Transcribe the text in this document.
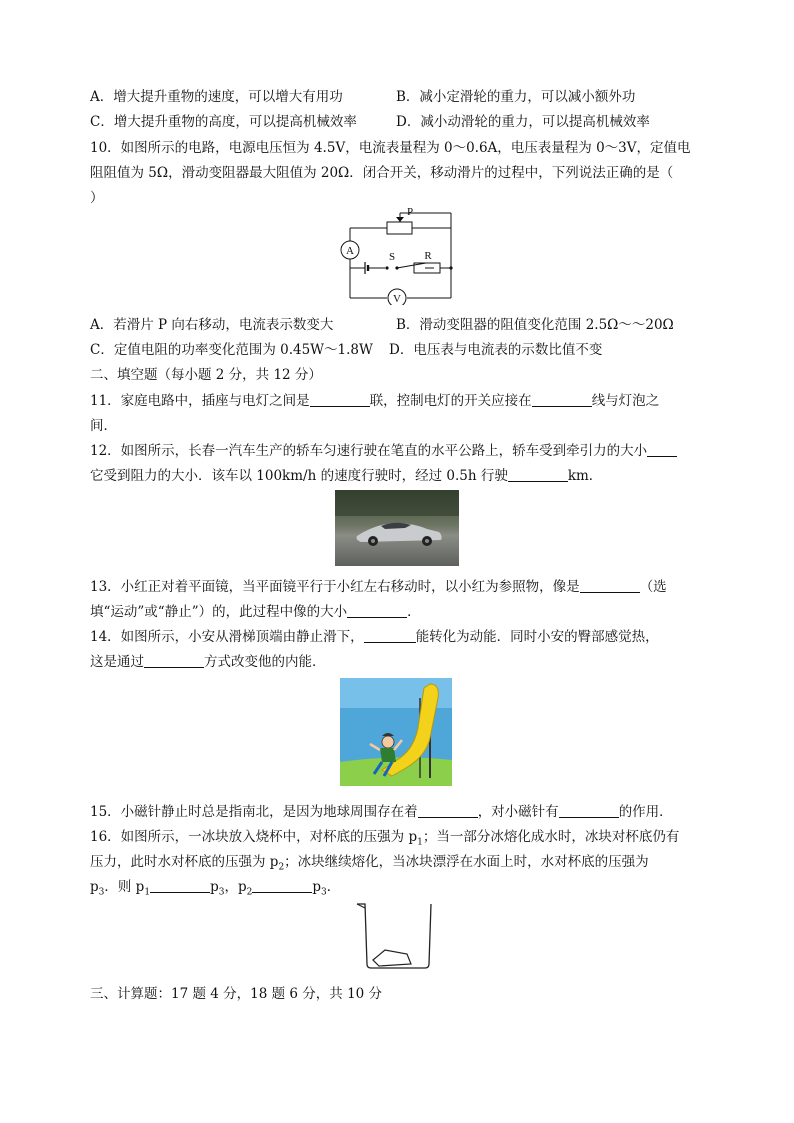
A．增大提升重物的速度，可以增大有用功	B．减小定滑轮的重力，可以减小额外功
C．增大提升重物的高度，可以提高机械效率	D．减小动滑轮的重力，可以提高机械效率
10．如图所示的电路，电源电压恒为 4.5V，电流表量程为 0～0.6A，电压表量程为 0～3V，定值电
阻阻值为 5Ω，滑动变阻器最大阻值为 20Ω．闭合开关，移动滑片的过程中，下列说法正确的是（
）
A
V
P
S	R
A．若滑片 P 向右移动，电流表示数变大	B．滑动变阻器的阻值变化范围 2.5Ω～～20Ω
C．定值电阻的功率变化范围为 0.45W～1.8W D．电压表与电流表的示数比值不变
二、填空题（每小题 2 分，共 12 分）
11．家庭电路中，插座与电灯之间是	联，控制电灯的开关应接在	线与灯泡之
间．
12．如图所示，长春一汽车生产的轿车匀速行驶在笔直的水平公路上，轿车受到牵引力的大小
它受到阻力的大小．该车以 100km/h 的速度行驶时，经过 0.5h 行驶	km．
13．小红正对着平面镜，当平面镜平行于小红左右移动时，以小红为参照物，像是	（选
填“运动”或“静止”）的，此过程中像的大小	．
14．如图所示，小安从滑梯顶端由静止滑下，	能转化为动能．同时小安的臀部感觉热，
这是通过	方式改变他的内能．
15．小磁针静止时总是指南北，是因为地球周围存在着	，对小磁针有	的作用．
16．如图所示，一冰块放入烧杯中，对杯底的压强为 $p_1$；当一部分冰熔化成水时，冰块对杯底仍有
压力，此时水对杯底的压强为 $p_2$；冰块继续熔化，当冰块漂浮在水面上时，水对杯底的压强为
$p_3$．则 $p_1$	$p_3$，$p_2$	$p_3$．
三、计算题：17 题 4 分，18 题 6 分，共 10 分
